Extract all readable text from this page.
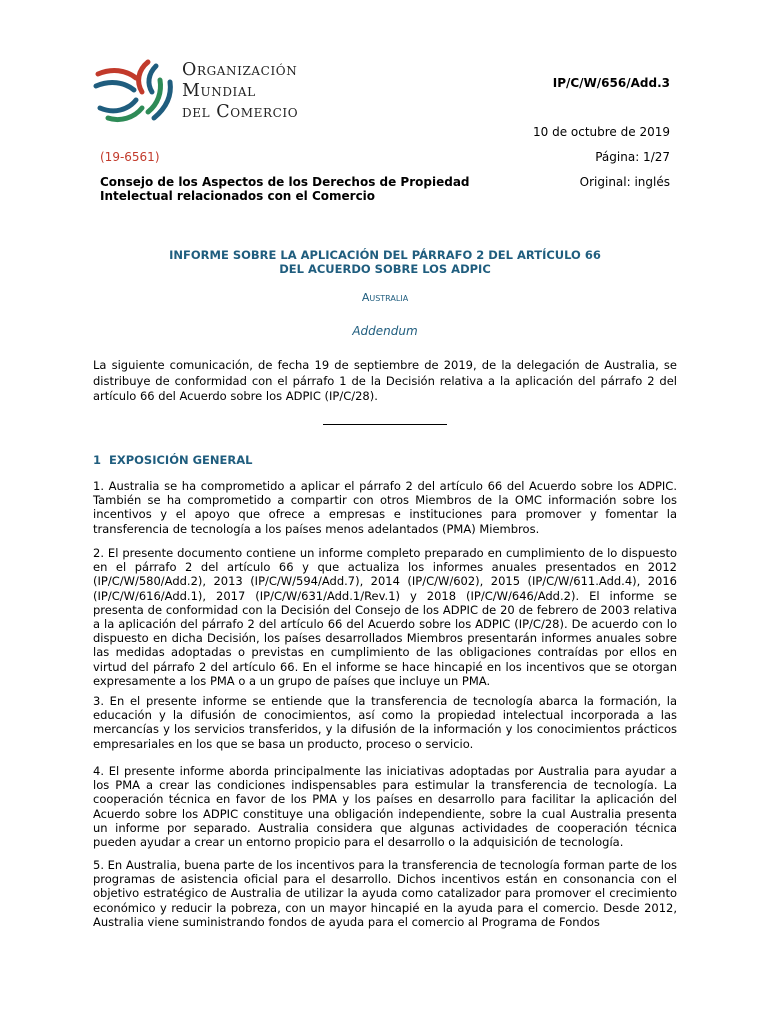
Organización
Mundial
del Comercio
IP/C/W/656/Add.3
10 de octubre de 2019
(19-6561)	Página: 1/27
Consejo de los Aspectos de los Derechos de Propiedad Intelectual relacionados con el Comercio
Original: inglés
INFORME SOBRE LA APLICACIÓN DEL PÁRRAFO 2 DEL ARTÍCULO 66
DEL ACUERDO SOBRE LOS ADPIC
Australia
Addendum

La siguiente comunicación, de fecha 19 de septiembre de 2019, de la delegación de Australia, se distribuye de conformidad con el párrafo 1 de la Decisión relativa a la aplicación del párrafo 2 del artículo 66 del Acuerdo sobre los ADPIC (IP/C/28).

1 EXPOSICIÓN GENERAL

1. Australia se ha comprometido a aplicar el párrafo 2 del artículo 66 del Acuerdo sobre los ADPIC. También se ha comprometido a compartir con otros Miembros de la OMC información sobre los incentivos y el apoyo que ofrece a empresas e instituciones para promover y fomentar la transferencia de tecnología a los países menos adelantados (PMA) Miembros.

2. El presente documento contiene un informe completo preparado en cumplimiento de lo dispuesto en el párrafo 2 del artículo 66 y que actualiza los informes anuales presentados en 2012 (IP/C/W/580/Add.2), 2013 (IP/C/W/594/Add.7), 2014 (IP/C/W/602), 2015 (IP/C/W/611.Add.4), 2016 (IP/C/W/616/Add.1), 2017 (IP/C/W/631/Add.1/Rev.1) y 2018 (IP/C/W/646/Add.2). El informe se presenta de conformidad con la Decisión del Consejo de los ADPIC de 20 de febrero de 2003 relativa a la aplicación del párrafo 2 del artículo 66 del Acuerdo sobre los ADPIC (IP/C/28). De acuerdo con lo dispuesto en dicha Decisión, los países desarrollados Miembros presentarán informes anuales sobre las medidas adoptadas o previstas en cumplimiento de las obligaciones contraídas por ellos en virtud del párrafo 2 del artículo 66. En el informe se hace hincapié en los incentivos que se otorgan expresamente a los PMA o a un grupo de países que incluye un PMA.

3. En el presente informe se entiende que la transferencia de tecnología abarca la formación, la educación y la difusión de conocimientos, así como la propiedad intelectual incorporada a las mercancías y los servicios transferidos, y la difusión de la información y los conocimientos prácticos empresariales en los que se basa un producto, proceso o servicio.

4. El presente informe aborda principalmente las iniciativas adoptadas por Australia para ayudar a los PMA a crear las condiciones indispensables para estimular la transferencia de tecnología. La cooperación técnica en favor de los PMA y los países en desarrollo para facilitar la aplicación del Acuerdo sobre los ADPIC constituye una obligación independiente, sobre la cual Australia presenta un informe por separado. Australia considera que algunas actividades de cooperación técnica pueden ayudar a crear un entorno propicio para el desarrollo o la adquisición de tecnología.

5. En Australia, buena parte de los incentivos para la transferencia de tecnología forman parte de los programas de asistencia oficial para el desarrollo. Dichos incentivos están en consonancia con el objetivo estratégico de Australia de utilizar la ayuda como catalizador para promover el crecimiento económico y reducir la pobreza, con un mayor hincapié en la ayuda para el comercio. Desde 2012, Australia viene suministrando fondos de ayuda para el comercio al Programa de Fondos
